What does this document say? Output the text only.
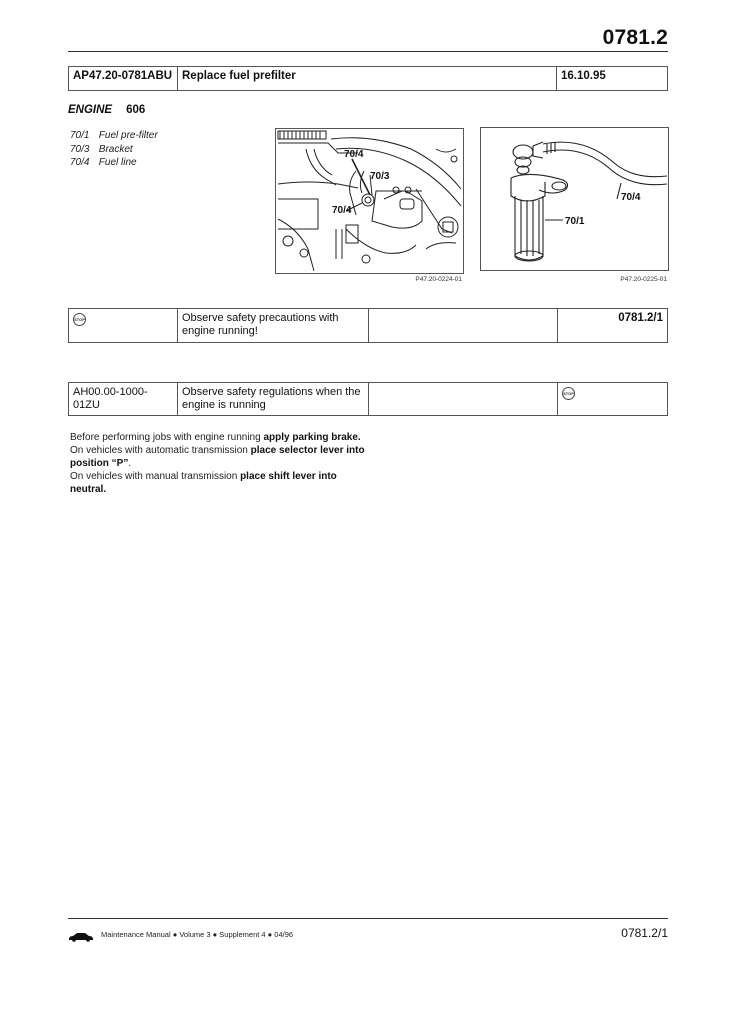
0781.2
AP47.20-0781ABU	Replace fuel prefilter	16.10.95
ENGINE 606
70/1 Fuel pre-filter
70/3 Bracket
70/4 Fuel line
70/4
70/3
70/4
P47.20-0224-01
70/4
70/1
P47.20-0225-01
STOP	Observe safety precautions with engine running!		0781.2/1
AH00.00-1000-01ZU	Observe safety regulations when the engine is running		STOP
Before performing jobs with engine running apply parking brake.
On vehicles with automatic transmission place selector lever into position “P”.
On vehicles with manual transmission place shift lever into neutral.
Maintenance Manual ● Volume 3 ● Supplement 4 ● 04/96	0781.2/1
